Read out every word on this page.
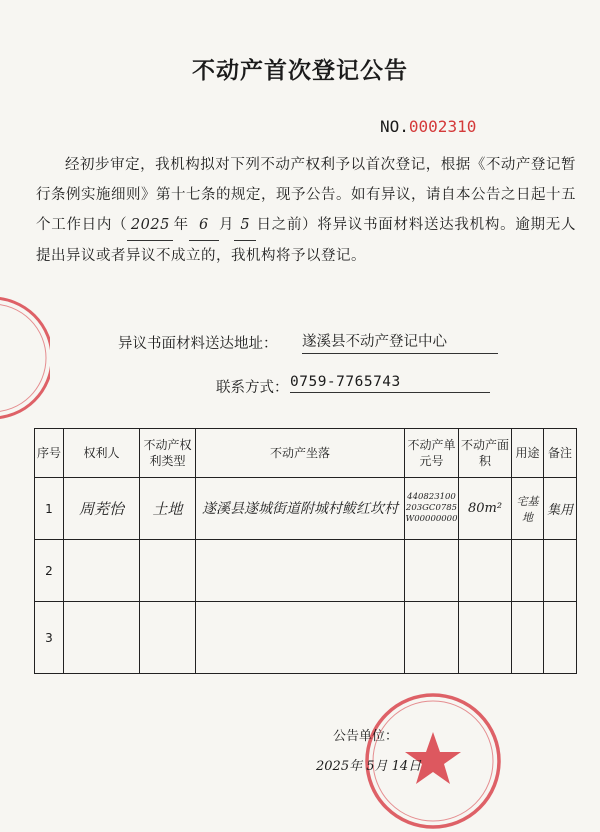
不动产首次登记公告
NO.0002310

经初步审定，我机构拟对下列不动产权利予以首次登记，根据《不动产登记暂行条例实施细则》第十七条的规定，现予公告。如有异议，请自本公告之日起十五个工作日内（ 2025 年 6 月 5 日之前）将异议书面材料送达我机构。逾期无人提出异议或者异议不成立的，我机构将予以登记。

异议书面材料送达地址： 遂溪县不动产登记中心
联系方式： 0759-7765743
序号	权利人	不动产权利类型	不动产坐落	不动产单元号	不动产面 积	用途	备注
1	周茺怡	土地	遂溪县遂城街道附城村鲅红坎村	440823100203GC0785W00000000	80m²	宅基地	集用
2							
3							
公告单位：
2025年 5月 14日
